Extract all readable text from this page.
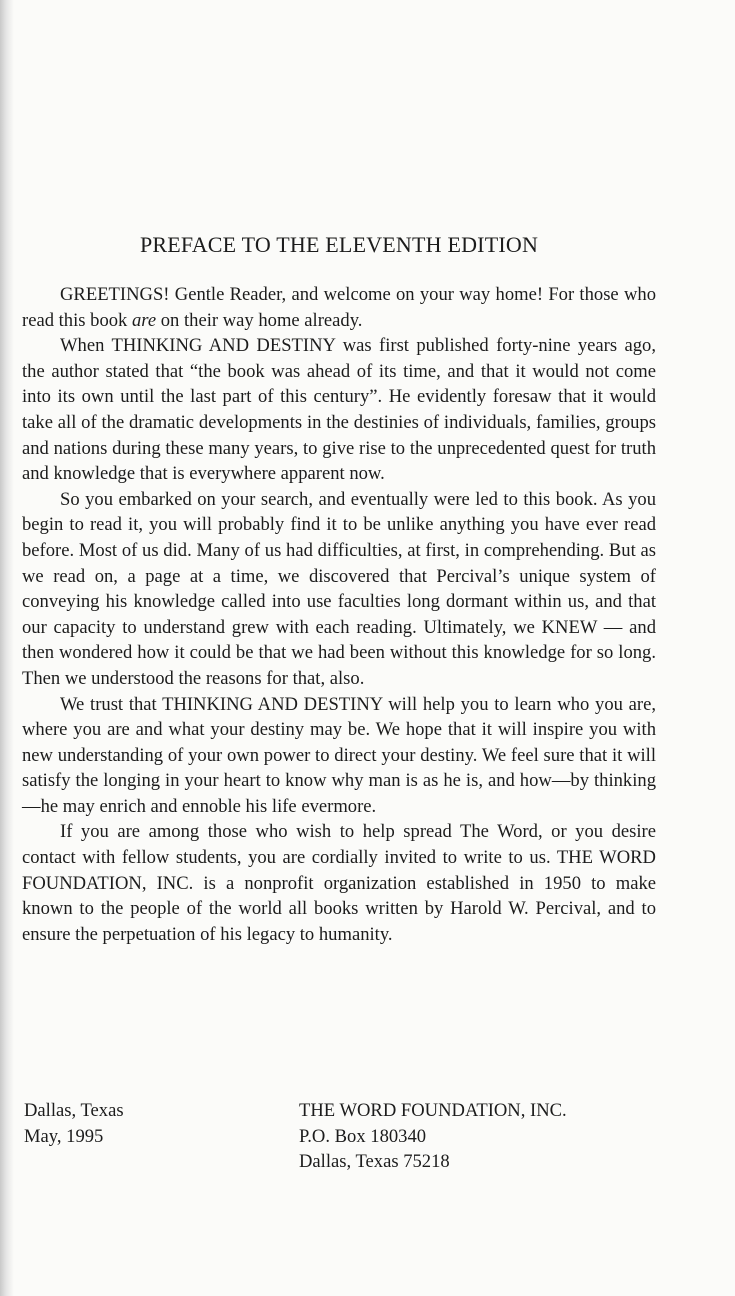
PREFACE TO THE ELEVENTH EDITION

GREETINGS! Gentle Reader, and welcome on your way home! For those who read this book are on their way home already.

When THINKING AND DESTINY was first published forty-nine years ago, the author stated that “the book was ahead of its time, and that it would not come into its own until the last part of this century”. He evidently foresaw that it would take all of the dramatic developments in the destinies of individuals, families, groups and nations during these many years, to give rise to the unprecedented quest for truth and knowledge that is everywhere apparent now.

So you embarked on your search, and eventually were led to this book. As you begin to read it, you will probably find it to be unlike anything you have ever read before. Most of us did. Many of us had difficulties, at first, in comprehending. But as we read on, a page at a time, we discovered that Percival’s unique system of conveying his knowledge called into use faculties long dormant within us, and that our capacity to understand grew with each reading. Ultimately, we KNEW — and then wondered how it could be that we had been without this knowledge for so long. Then we understood the reasons for that, also.

We trust that THINKING AND DESTINY will help you to learn who you are, where you are and what your destiny may be. We hope that it will inspire you with new understanding of your own power to direct your destiny. We feel sure that it will satisfy the longing in your heart to know why man is as he is, and how—by thinking—he may enrich and ennoble his life evermore.

If you are among those who wish to help spread The Word, or you desire contact with fellow students, you are cordially invited to write to us. THE WORD FOUNDATION, INC. is a nonprofit organization established in 1950 to make known to the people of the world all books written by Harold W. Percival, and to ensure the perpetuation of his legacy to humanity.

Dallas, Texas
May, 1995
THE WORD FOUNDATION, INC.
P.O. Box 180340
Dallas, Texas 75218
